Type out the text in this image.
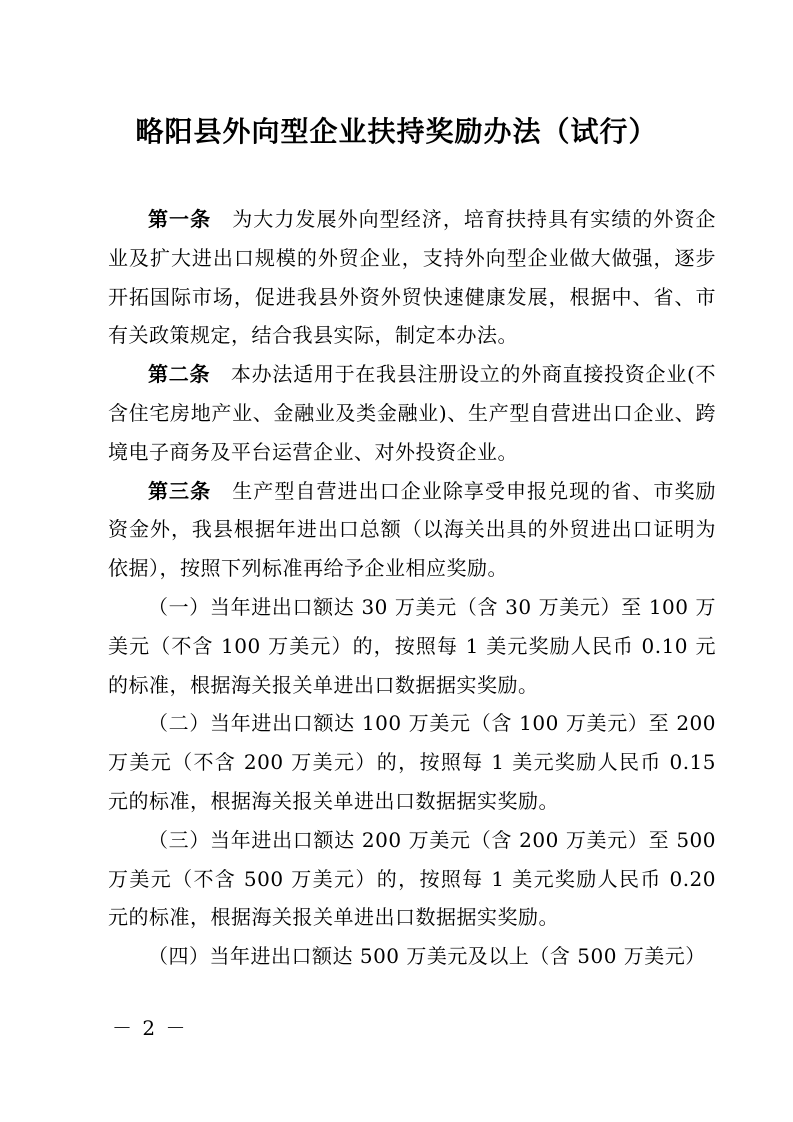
略阳县外向型企业扶持奖励办法（试行）

第一条　 为大力发展外向型经济，培育扶持具有实绩的外资企业及扩大进出口规模的外贸企业，支持外向型企业做大做强，逐步开拓国际市场，促进我县外资外贸快速健康发展，根据中、省、市有关政策规定，结合我县实际，制定本办法。

第二条　 本办法适用于在我县注册设立的外商直接投资企业(不含住宅房地产业、金融业及类金融业)、生产型自营进出口企业、跨境电子商务及平台运营企业、对外投资企业。

第三条　 生产型自营进出口企业除享受申报兑现的省、市奖励资金外，我县根据年进出口总额（以海关出具的外贸进出口证明为依据），按照下列标准再给予企业相应奖励。

（一）当年进出口额达 30 万美元（含 30 万美元）至 100 万美元（不含 100 万美元）的，按照每 1 美元奖励人民币 0.10 元的标准，根据海关报关单进出口数据据实奖励。

（二）当年进出口额达 100 万美元（含 100 万美元）至 200 万美元（不含 200 万美元）的，按照每 1 美元奖励人民币 0.15 元的标准，根据海关报关单进出口数据据实奖励。

（三）当年进出口额达 200 万美元（含 200 万美元）至 500 万美元（不含 500 万美元）的，按照每 1 美元奖励人民币 0.20 元的标准，根据海关报关单进出口数据据实奖励。

（四）当年进出口额达 500 万美元及以上（含 500 万美元）

－ 2 －
